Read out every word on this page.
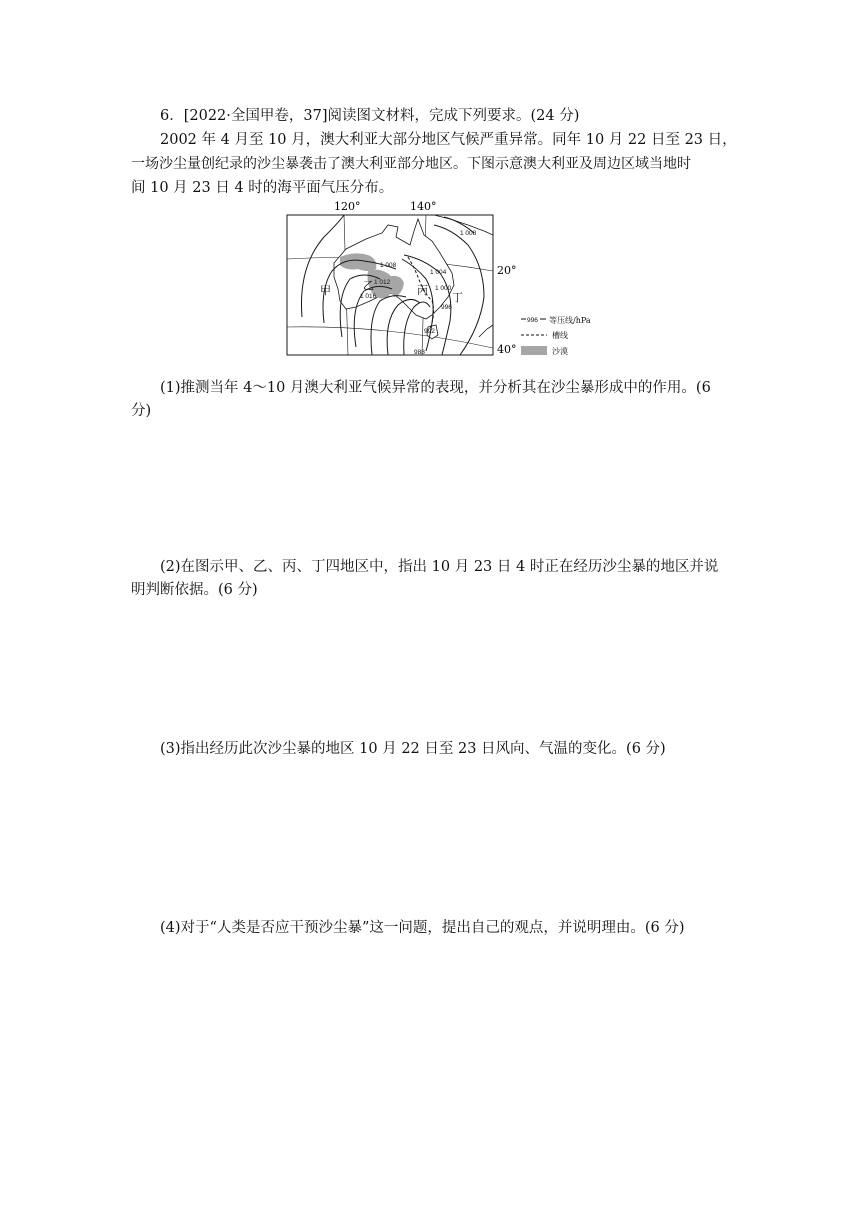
6．[2022·全国甲卷，37]阅读图文材料，完成下列要求。(24 分)
2002 年 4 月至 10 月，澳大利亚大部分地区气候严重异常。同年 10 月 22 日至 23 日，
一场沙尘量创纪录的沙尘暴袭击了澳大利亚部分地区。下图示意澳大利亚及周边区域当地时
间 10 月 23 日 4 时的海平面气压分布。
120°	140°
20°
40°
1 008
1 008
1 004
1 012
1 000
1 016
996
992
988
甲	乙	丙
丁
996 等压线/hPa
槽线
沙漠
(1)推测当年 4～10 月澳大利亚气候异常的表现，并分析其在沙尘暴形成中的作用。(6
分)
(2)在图示甲、乙、丙、丁四地区中，指出 10 月 23 日 4 时正在经历沙尘暴的地区并说
明判断依据。(6 分)
(3)指出经历此次沙尘暴的地区 10 月 22 日至 23 日风向、气温的变化。(6 分)
(4)对于“人类是否应干预沙尘暴”这一问题，提出自己的观点，并说明理由。(6 分)
